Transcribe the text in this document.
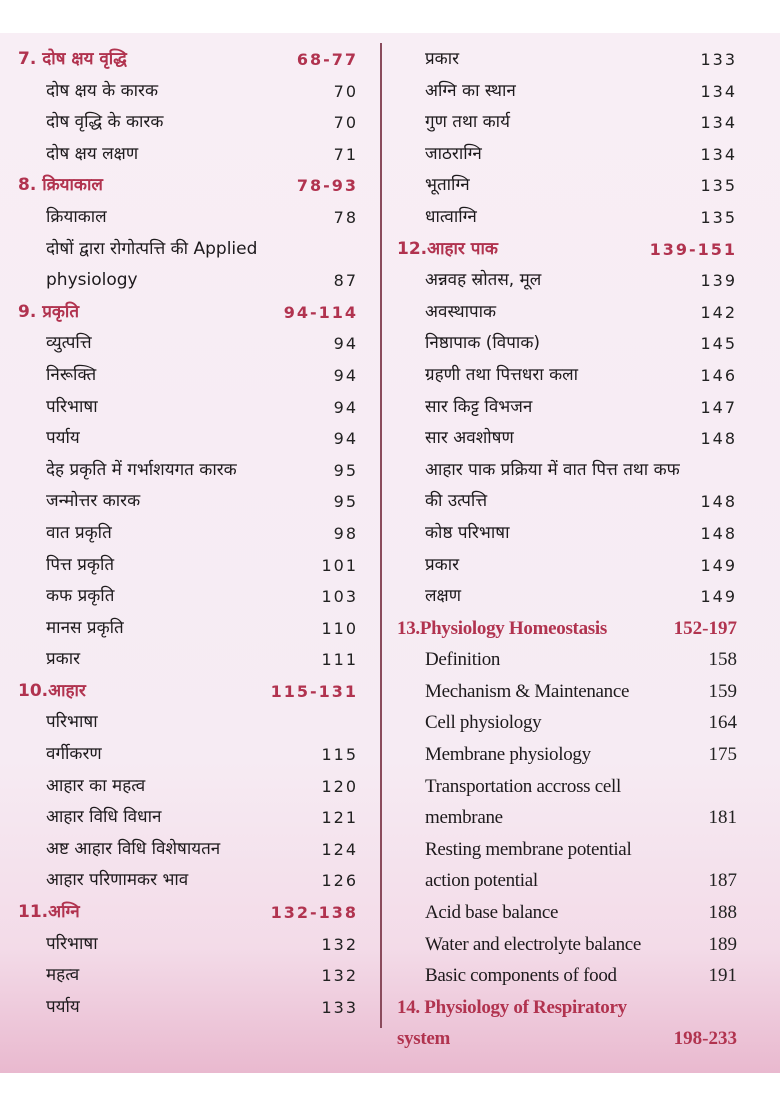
7. दोष क्षय वृद्धि	68-77
दोष क्षय के कारक	70
दोष वृद्धि के कारक	70
दोष क्षय लक्षण	71
8. क्रियाकाल	78-93
क्रियाकाल	78
दोषों द्वारा रोगोत्पत्ति की Applied
physiology	87
9. प्रकृति	94-114
व्युत्पत्ति	94
निरूक्ति	94
परिभाषा	94
पर्याय	94
देह प्रकृति में गर्भाशयगत कारक	95
जन्मोत्तर कारक	95
वात प्रकृति	98
पित्त प्रकृति	101
कफ प्रकृति	103
मानस प्रकृति	110
प्रकार	111
10.आहार	115-131
परिभाषा
वर्गीकरण	115
आहार का महत्व	120
आहार विधि विधान	121
अष्ट आहार विधि विशेषायतन	124
आहार परिणामकर भाव	126
11.अग्नि	132-138
परिभाषा	132
महत्व	132
पर्याय	133
प्रकार	133
अग्नि का स्थान	134
गुण तथा कार्य	134
जाठराग्नि	134
भूताग्नि	135
धात्वाग्नि	135
12.आहार पाक	139-151
अन्नवह स्रोतस, मूल	139
अवस्थापाक	142
निष्ठापाक (विपाक)	145
ग्रहणी तथा पित्तधरा कला	146
सार किट्ट विभजन	147
सार अवशोषण	148
आहार पाक प्रक्रिया में वात पित्त तथा कफ
की उत्पत्ति	148
कोष्ठ परिभाषा	148
प्रकार	149
लक्षण	149
13.Physiology Homeostasis	152-197
Definition	158
Mechanism & Maintenance	159
Cell physiology	164
Membrane physiology	175
Transportation accross cell
membrane	181
Resting membrane potential
action potential	187
Acid base balance	188
Water and electrolyte balance	189
Basic components of food	191
14. Physiology of Respiratory
system	198-233
